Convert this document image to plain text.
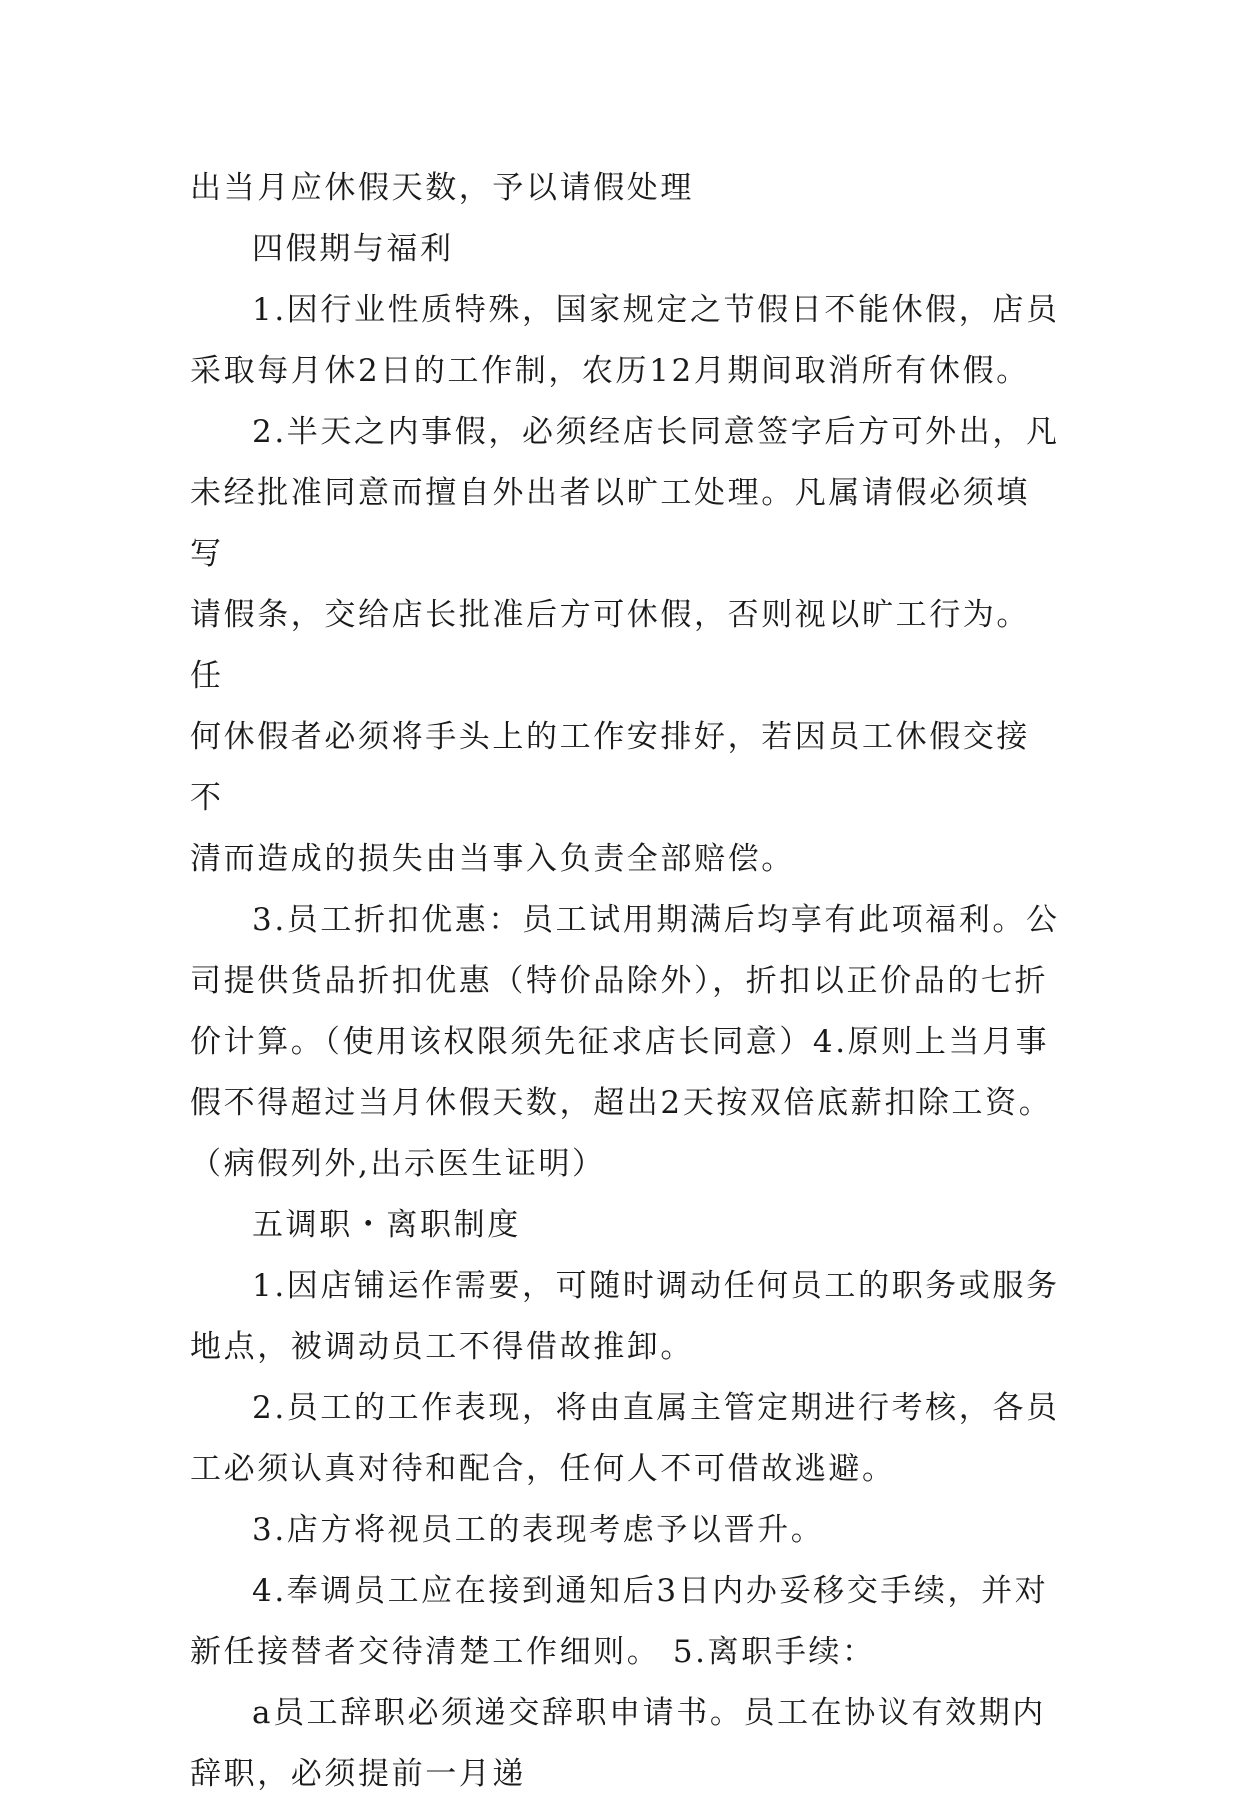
出当月应休假天数，予以请假处理

四假期与福利

1.因行业性质特殊，国家规定之节假日不能休假，店员
采取每月休2日的工作制，农历12月期间取消所有休假。

2.半天之内事假，必须经店长同意签字后方可外出，凡
未经批准同意而擅自外出者以旷工处理。凡属请假必须填写
请假条，交给店长批准后方可休假，否则视以旷工行为。任
何休假者必须将手头上的工作安排好，若因员工休假交接不
清而造成的损失由当事入负责全部赔偿。

3.员工折扣优惠：员工试用期满后均享有此项福利。公
司提供货品折扣优惠（特价品除外），折扣以正价品的七折
价计算。（使用该权限须先征求店长同意）4.原则上当月事
假不得超过当月休假天数，超出2天按双倍底薪扣除工资。
（病假列外,出示医生证明）

五调职・离职制度

1.因店铺运作需要，可随时调动任何员工的职务或服务
地点，被调动员工不得借故推卸。

2.员工的工作表现，将由直属主管定期进行考核，各员
工必须认真对待和配合，任何人不可借故逃避。

3.店方将视员工的表现考虑予以晋升。

4.奉调员工应在接到通知后3日内办妥移交手续，并对
新任接替者交待清楚工作细则。 5.离职手续：

a员工辞职必须递交辞职申请书。员工在协议有效期内
辞职，必须提前一月递
